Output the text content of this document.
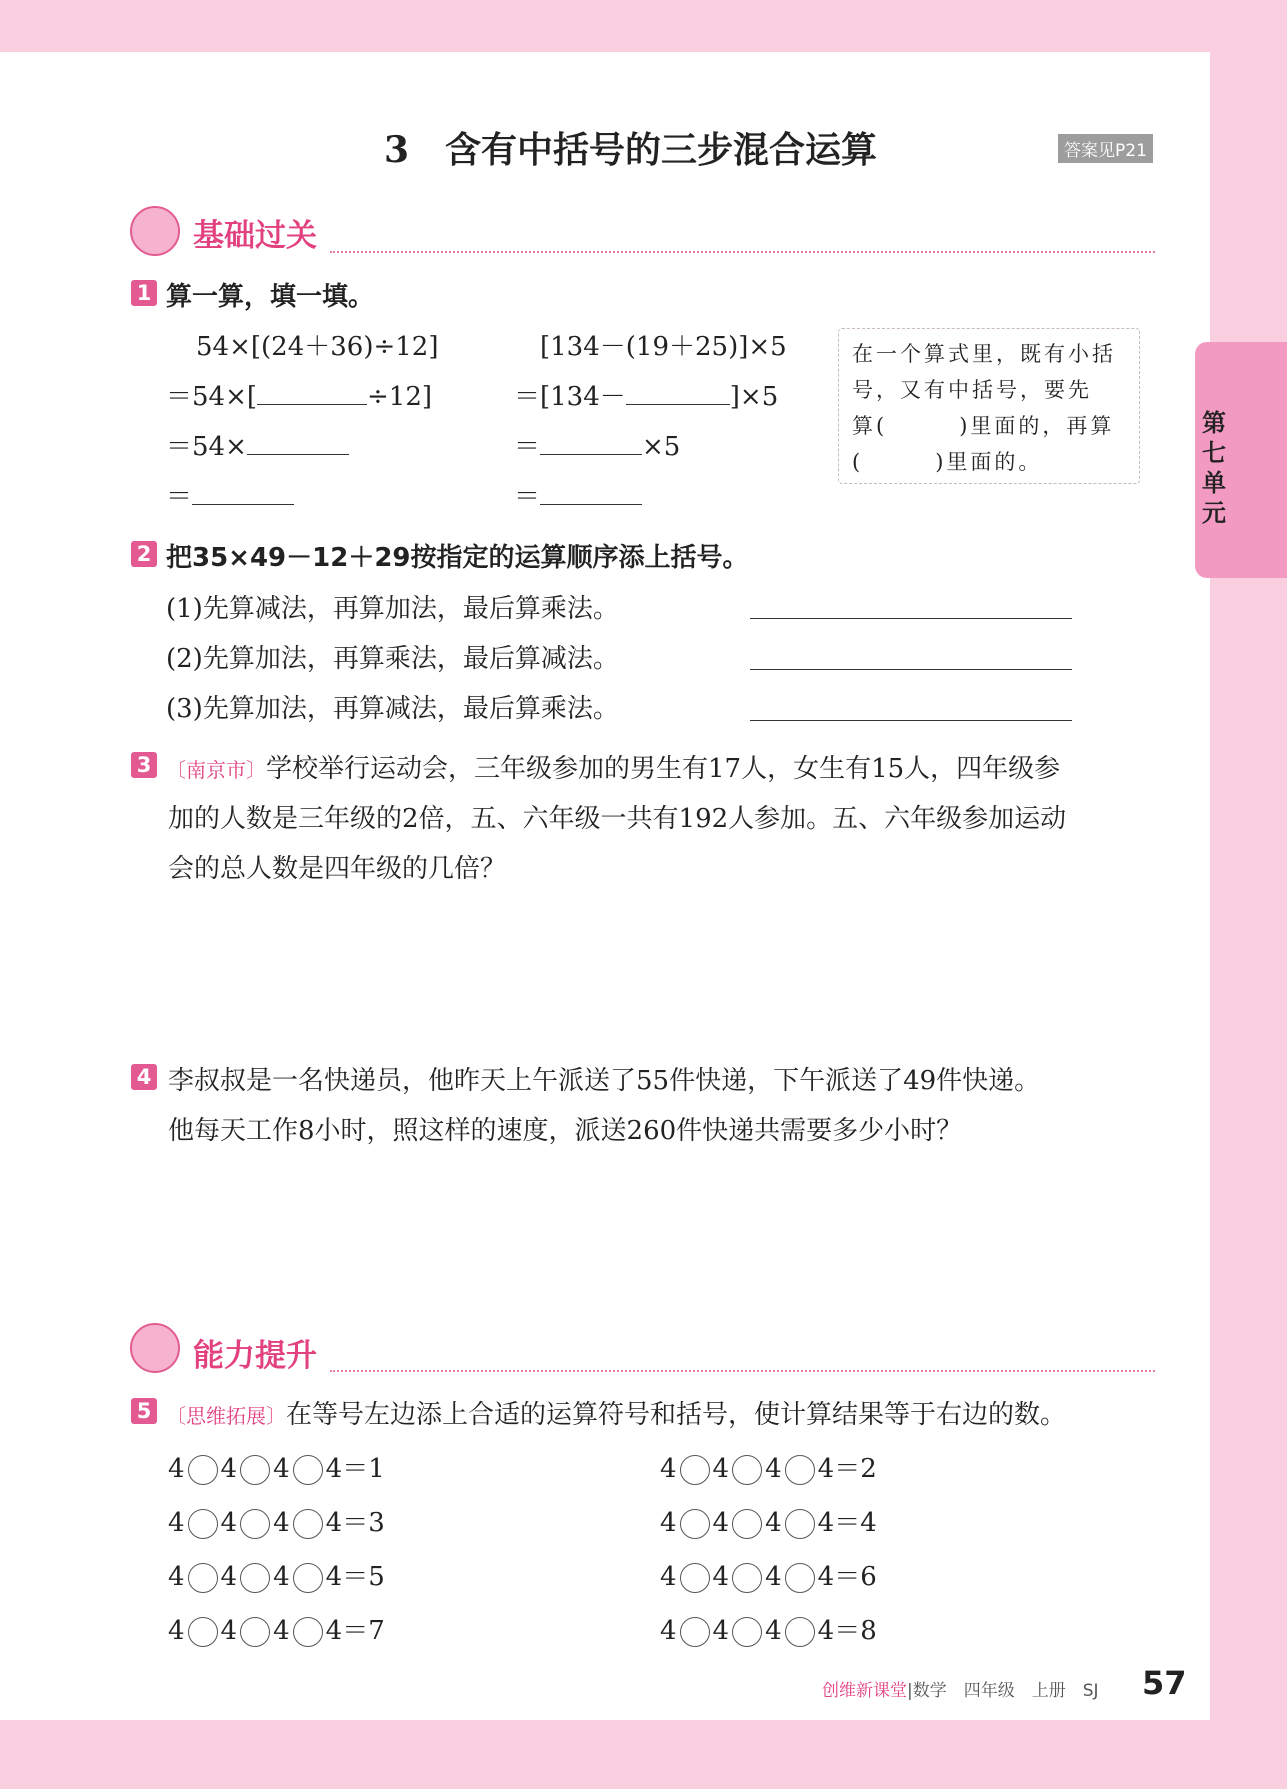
3　含有中括号的三步混合运算	答案见P21
第七单元
基础过关
1 算一算，填一填。
54×[(24＋36)÷12]
＝54×[	÷12]
＝54×
＝
[134－(19＋25)]×5
＝[134－	]×5
＝	×5
＝
在一个算式里，既有小括
号，又有中括号，要先
算(　　　)里面的，再算
(　　　)里面的。
2 把35×49－12＋29按指定的运算顺序添上括号。
(1)先算减法，再算加法，最后算乘法。
(2)先算加法，再算乘法，最后算减法。
(3)先算加法，再算减法，最后算乘法。
3 〔南京市〕学校举行运动会，三年级参加的男生有17人，女生有15人，四年级参
加的人数是三年级的2倍，五、六年级一共有192人参加。五、六年级参加运动
会的总人数是四年级的几倍？
4 李叔叔是一名快递员，他昨天上午派送了55件快递，下午派送了49件快递。
他每天工作8小时，照这样的速度，派送260件快递共需要多少小时？
能力提升
5 〔思维拓展〕在等号左边添上合适的运算符号和括号，使计算结果等于右边的数。
4 4 4 4＝1	4 4 4 4＝2
4 4 4 4＝3	4 4 4 4＝4
4 4 4 4＝5	4 4 4 4＝6
4 4 4 4＝7	4 4 4 4＝8
创维新课堂|数学　四年级　上册　SJ 57
